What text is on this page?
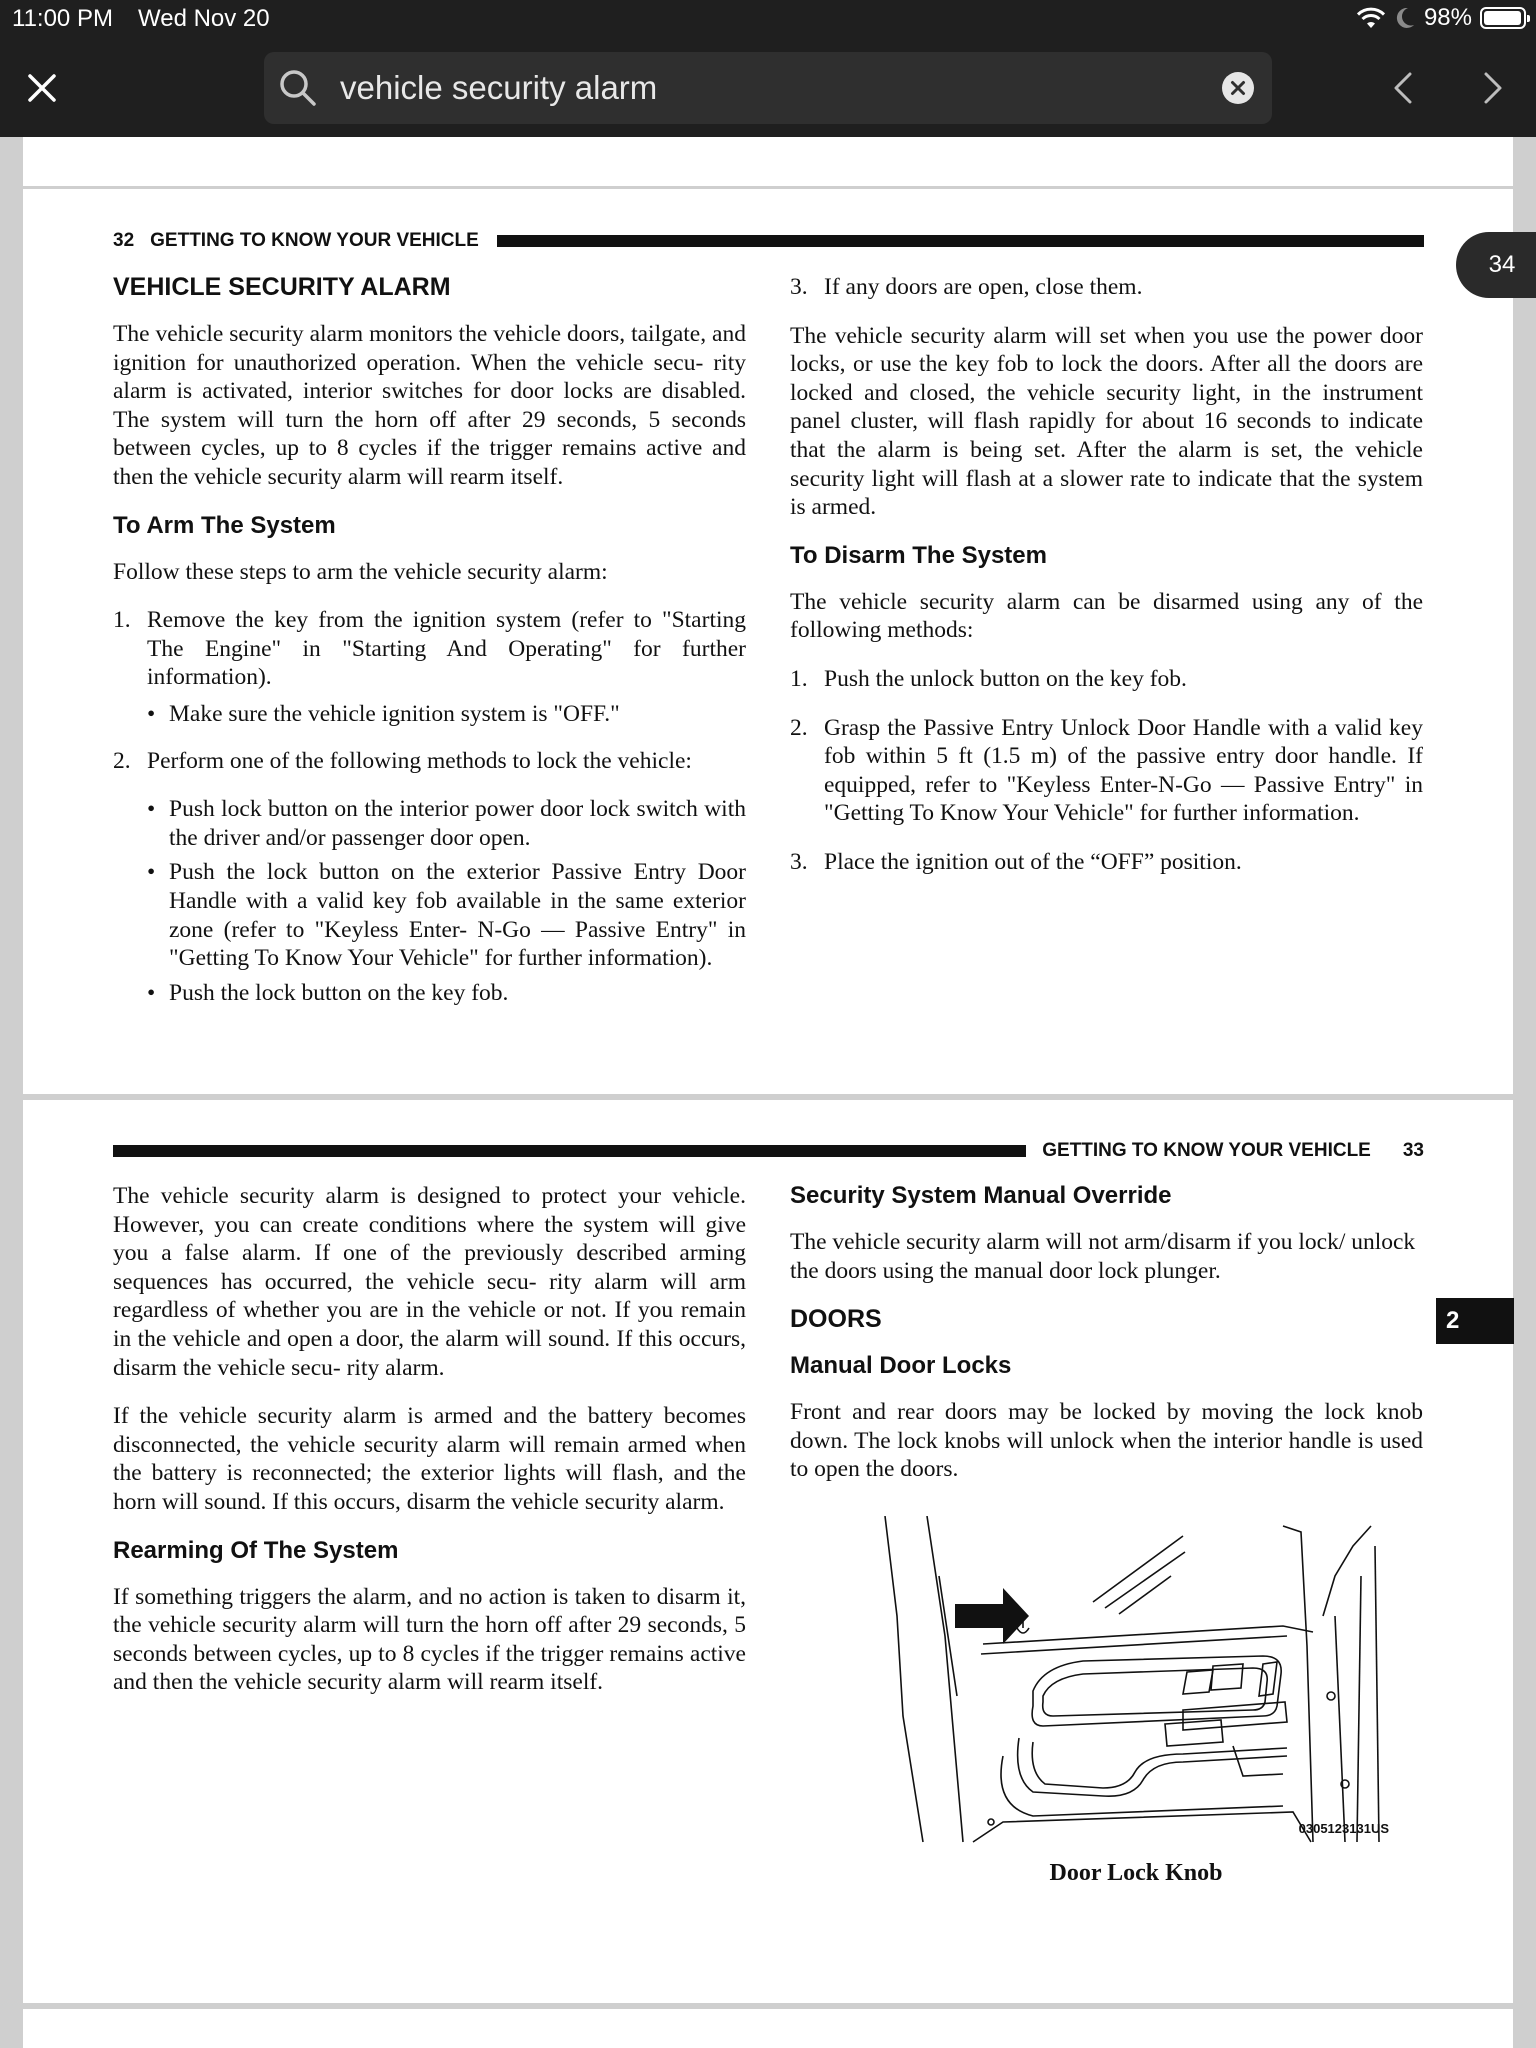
11:00 PM Wed Nov 20	98%
vehicle security alarm
32 GETTING TO KNOW YOUR VEHICLE
VEHICLE SECURITY ALARM

The vehicle security alarm monitors the vehicle doors, tailgate, and ignition for unauthorized operation. When the vehicle secu- rity alarm is activated, interior switches for door locks are disabled. The system will turn the horn off after 29 seconds, 5 seconds between cycles, up to 8 cycles if the trigger remains active and then the vehicle security alarm will rearm itself.

To Arm The System

Follow these steps to arm the vehicle security alarm:

1. Remove the key from the ignition system (refer to "Starting The Engine" in "Starting And Operating" for further information).
• Make sure the vehicle ignition system is "OFF."
2. Perform one of the following methods to lock the vehicle:
• Push lock button on the interior power door lock switch with the driver and/or passenger door open.
• Push the lock button on the exterior Passive Entry Door Handle with a valid key fob available in the same exterior zone (refer to "Keyless Enter- N-Go — Passive Entry" in "Getting To Know Your Vehicle" for further information).
• Push the lock button on the key fob.
3. If any doors are open, close them.

The vehicle security alarm will set when you use the power door locks, or use the key fob to lock the doors. After all the doors are locked and closed, the vehicle security light, in the instrument panel cluster, will flash rapidly for about 16 seconds to indicate that the alarm is being set. After the alarm is set, the vehicle security light will flash at a slower rate to indicate that the system is armed.

To Disarm The System

The vehicle security alarm can be disarmed using any of the following methods:

1. Push the unlock button on the key fob.
2. Grasp the Passive Entry Unlock Door Handle with a valid key fob within 5 ft (1.5 m) of the passive entry door handle. If equipped, refer to "Keyless Enter-N-Go — Passive Entry" in "Getting To Know Your Vehicle" for further information.
3. Place the ignition out of the “OFF” position.
34
GETTING TO KNOW YOUR VEHICLE 33

The vehicle security alarm is designed to protect your vehicle. However, you can create conditions where the system will give you a false alarm. If one of the previously described arming sequences has occurred, the vehicle secu- rity alarm will arm regardless of whether you are in the vehicle or not. If you remain in the vehicle and open a door, the alarm will sound. If this occurs, disarm the vehicle secu- rity alarm.

If the vehicle security alarm is armed and the battery becomes disconnected, the vehicle security alarm will remain armed when the battery is reconnected; the exterior lights will flash, and the horn will sound. If this occurs, disarm the vehicle security alarm.

Rearming Of The System

If something triggers the alarm, and no action is taken to disarm it, the vehicle security alarm will turn the horn off after 29 seconds, 5 seconds between cycles, up to 8 cycles if the trigger remains active and then the vehicle security alarm will rearm itself.

Security System Manual Override

The vehicle security alarm will not arm/disarm if you lock/ unlock the doors using the manual door lock plunger.

DOORS
Manual Door Locks

Front and rear doors may be locked by moving the lock knob down. The lock knobs will unlock when the interior handle is used to open the doors.

2
0305123131US
Door Lock Knob
